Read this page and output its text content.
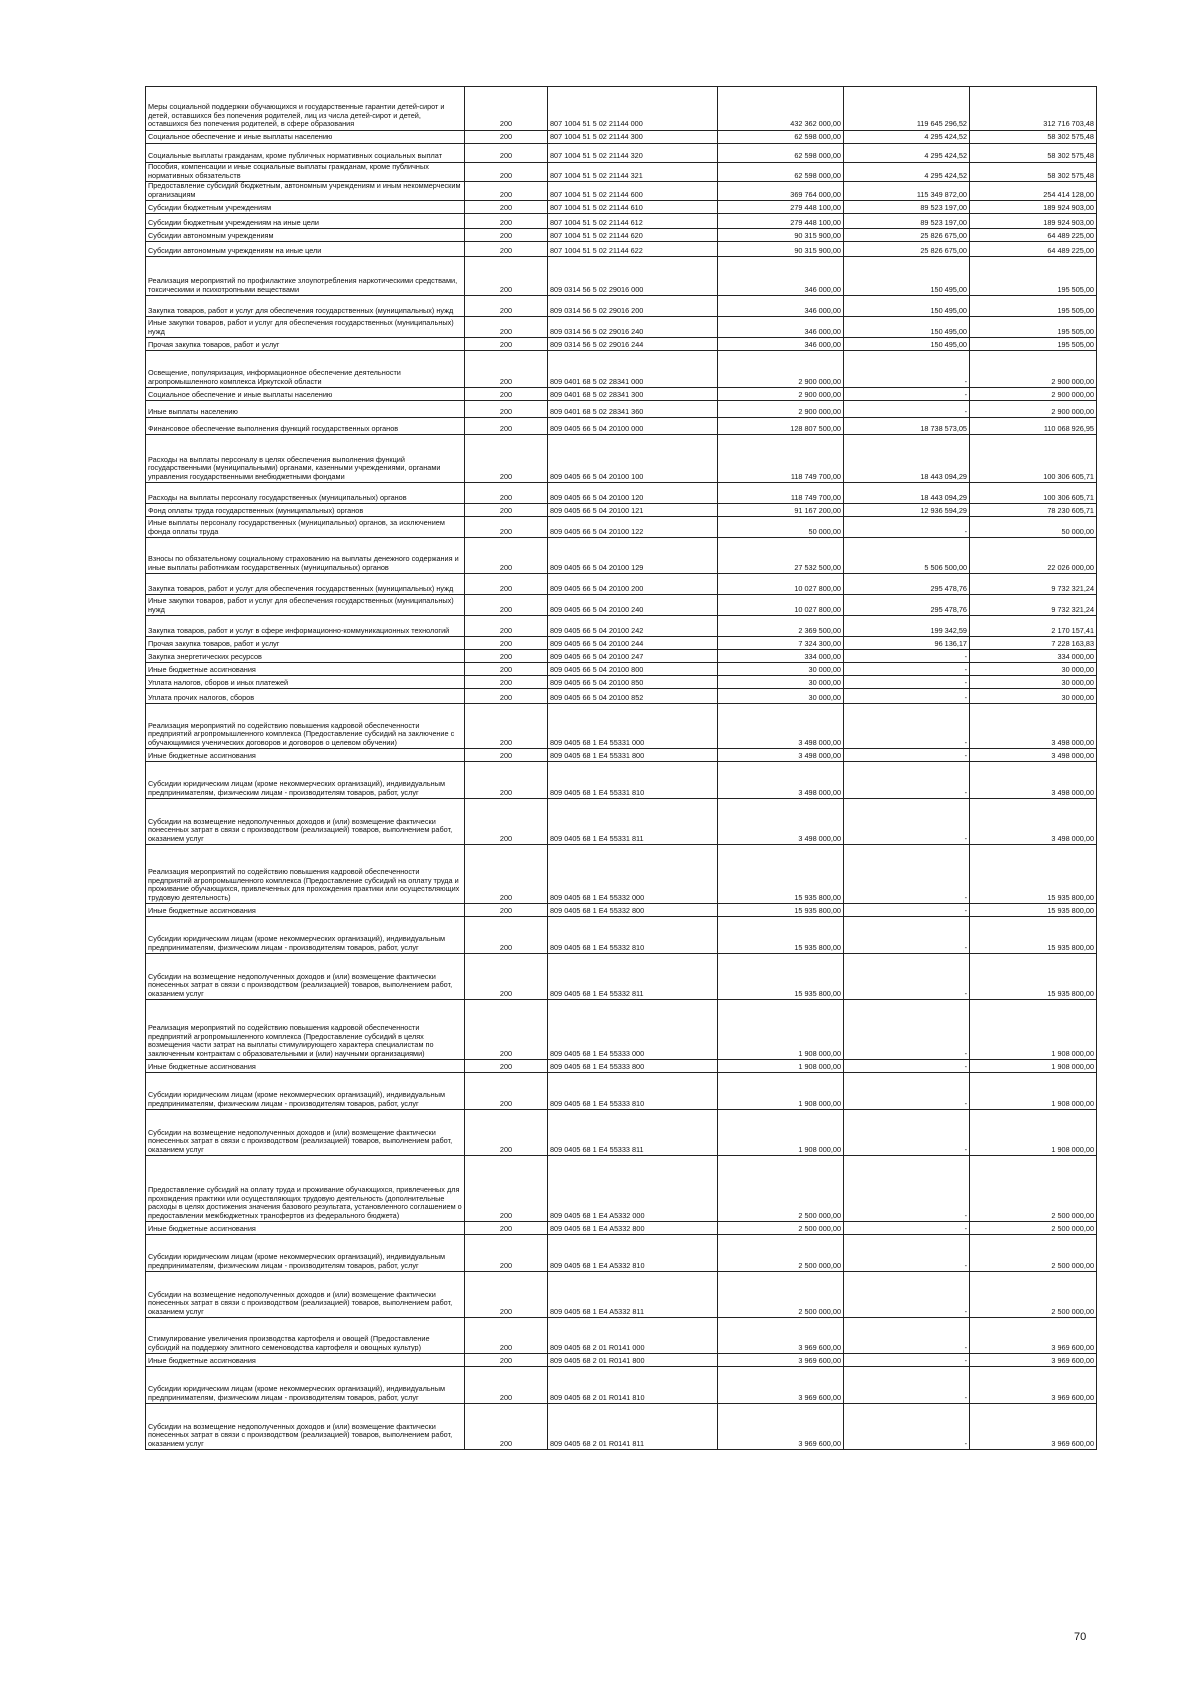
Меры социальной поддержки обучающихся и государственные гарантии детей-сирот и детей, оставшихся без попечения родителей, лиц из числа детей-сирот и детей, оставшихся без попечения родителей, в сфере образования	200	807 1004 51 5 02 21144 000	432 362 000,00	119 645 296,52	312 716 703,48
Социальное обеспечение и иные выплаты населению	200	807 1004 51 5 02 21144 300	62 598 000,00	4 295 424,52	58 302 575,48
Социальные выплаты гражданам, кроме публичных нормативных социальных выплат	200	807 1004 51 5 02 21144 320	62 598 000,00	4 295 424,52	58 302 575,48
Пособия, компенсации и иные социальные выплаты гражданам, кроме публичных нормативных обязательств	200	807 1004 51 5 02 21144 321	62 598 000,00	4 295 424,52	58 302 575,48
Предоставление субсидий бюджетным, автономным учреждениям и иным некоммерческим организациям	200	807 1004 51 5 02 21144 600	369 764 000,00	115 349 872,00	254 414 128,00
Субсидии бюджетным учреждениям	200	807 1004 51 5 02 21144 610	279 448 100,00	89 523 197,00	189 924 903,00
Субсидии бюджетным учреждениям на иные цели	200	807 1004 51 5 02 21144 612	279 448 100,00	89 523 197,00	189 924 903,00
Субсидии автономным учреждениям	200	807 1004 51 5 02 21144 620	90 315 900,00	25 826 675,00	64 489 225,00
Субсидии автономным учреждениям на иные цели	200	807 1004 51 5 02 21144 622	90 315 900,00	25 826 675,00	64 489 225,00
Реализация мероприятий по профилактике злоупотребления наркотическими средствами, токсическими и психотропными веществами	200	809 0314 56 5 02 29016 000	346 000,00	150 495,00	195 505,00
Закупка товаров, работ и услуг для обеспечения государственных (муниципальных) нужд	200	809 0314 56 5 02 29016 200	346 000,00	150 495,00	195 505,00
Иные закупки товаров, работ и услуг для обеспечения государственных (муниципальных) нужд	200	809 0314 56 5 02 29016 240	346 000,00	150 495,00	195 505,00
Прочая закупка товаров, работ и услуг	200	809 0314 56 5 02 29016 244	346 000,00	150 495,00	195 505,00
Освещение, популяризация, информационное обеспечение деятельности агропромышленного комплекса Иркутской области	200	809 0401 68 5 02 28341 000	2 900 000,00	-	2 900 000,00
Социальное обеспечение и иные выплаты населению	200	809 0401 68 5 02 28341 300	2 900 000,00	-	2 900 000,00
Иные выплаты населению	200	809 0401 68 5 02 28341 360	2 900 000,00	-	2 900 000,00
Финансовое обеспечение выполнения функций государственных органов	200	809 0405 66 5 04 20100 000	128 807 500,00	18 738 573,05	110 068 926,95
Расходы на выплаты персоналу в целях обеспечения выполнения функций государственными (муниципальными) органами, казенными учреждениями, органами управления государственными внебюджетными фондами	200	809 0405 66 5 04 20100 100	118 749 700,00	18 443 094,29	100 306 605,71
Расходы на выплаты персоналу государственных (муниципальных) органов	200	809 0405 66 5 04 20100 120	118 749 700,00	18 443 094,29	100 306 605,71
Фонд оплаты труда государственных (муниципальных) органов	200	809 0405 66 5 04 20100 121	91 167 200,00	12 936 594,29	78 230 605,71
Иные выплаты персоналу государственных (муниципальных) органов, за исключением фонда оплаты труда	200	809 0405 66 5 04 20100 122	50 000,00	-	50 000,00
Взносы по обязательному социальному страхованию на выплаты денежного содержания и иные выплаты работникам государственных (муниципальных) органов	200	809 0405 66 5 04 20100 129	27 532 500,00	5 506 500,00	22 026 000,00
Закупка товаров, работ и услуг для обеспечения государственных (муниципальных) нужд	200	809 0405 66 5 04 20100 200	10 027 800,00	295 478,76	9 732 321,24
Иные закупки товаров, работ и услуг для обеспечения государственных (муниципальных) нужд	200	809 0405 66 5 04 20100 240	10 027 800,00	295 478,76	9 732 321,24
Закупка товаров, работ и услуг в сфере информационно-коммуникационных технологий	200	809 0405 66 5 04 20100 242	2 369 500,00	199 342,59	2 170 157,41
Прочая закупка товаров, работ и услуг	200	809 0405 66 5 04 20100 244	7 324 300,00	96 136,17	7 228 163,83
Закупка энергетических ресурсов	200	809 0405 66 5 04 20100 247	334 000,00	-	334 000,00
Иные бюджетные ассигнования	200	809 0405 66 5 04 20100 800	30 000,00	-	30 000,00
Уплата налогов, сборов и иных платежей	200	809 0405 66 5 04 20100 850	30 000,00	-	30 000,00
Уплата прочих налогов, сборов	200	809 0405 66 5 04 20100 852	30 000,00	-	30 000,00
Реализация мероприятий по содействию повышения кадровой обеспеченности предприятий агропромышленного комплекса (Предоставление субсидий на заключение с обучающимися ученических договоров и договоров о целевом обучении)	200	809 0405 68 1 E4 55331 000	3 498 000,00	-	3 498 000,00
Иные бюджетные ассигнования	200	809 0405 68 1 E4 55331 800	3 498 000,00	-	3 498 000,00
Субсидии юридическим лицам (кроме некоммерческих организаций), индивидуальным предпринимателям, физическим лицам - производителям товаров, работ, услуг	200	809 0405 68 1 E4 55331 810	3 498 000,00	-	3 498 000,00
Субсидии на возмещение недополученных доходов и (или) возмещение фактически понесенных затрат в связи с производством (реализацией) товаров, выполнением работ, оказанием услуг	200	809 0405 68 1 E4 55331 811	3 498 000,00	-	3 498 000,00
Реализация мероприятий по содействию повышения кадровой обеспеченности предприятий агропромышленного комплекса (Предоставление субсидий на оплату труда и проживание обучающихся, привлеченных для прохождения практики или осуществляющих трудовую деятельность)	200	809 0405 68 1 E4 55332 000	15 935 800,00	-	15 935 800,00
Иные бюджетные ассигнования	200	809 0405 68 1 E4 55332 800	15 935 800,00	-	15 935 800,00
Субсидии юридическим лицам (кроме некоммерческих организаций), индивидуальным предпринимателям, физическим лицам - производителям товаров, работ, услуг	200	809 0405 68 1 E4 55332 810	15 935 800,00	-	15 935 800,00
Субсидии на возмещение недополученных доходов и (или) возмещение фактически понесенных затрат в связи с производством (реализацией) товаров, выполнением работ, оказанием услуг	200	809 0405 68 1 E4 55332 811	15 935 800,00	-	15 935 800,00
Реализация мероприятий по содействию повышения кадровой обеспеченности предприятий агропромышленного комплекса (Предоставление субсидий в целях возмещения части затрат на выплаты стимулирующего характера специалистам по заключенным контрактам с образовательными и (или) научными организациями)	200	809 0405 68 1 E4 55333 000	1 908 000,00	-	1 908 000,00
Иные бюджетные ассигнования	200	809 0405 68 1 E4 55333 800	1 908 000,00	-	1 908 000,00
Субсидии юридическим лицам (кроме некоммерческих организаций), индивидуальным предпринимателям, физическим лицам - производителям товаров, работ, услуг	200	809 0405 68 1 E4 55333 810	1 908 000,00	-	1 908 000,00
Субсидии на возмещение недополученных доходов и (или) возмещение фактически понесенных затрат в связи с производством (реализацией) товаров, выполнением работ, оказанием услуг	200	809 0405 68 1 E4 55333 811	1 908 000,00	-	1 908 000,00
Предоставление субсидий на оплату труда и проживание обучающихся, привлеченных для прохождения практики или осуществляющих трудовую деятельность (дополнительные расходы в целях достижения значения базового результата, установленного соглашением о предоставлении межбюджетных трансфертов из федерального бюджета)	200	809 0405 68 1 E4 A5332 000	2 500 000,00	-	2 500 000,00
Иные бюджетные ассигнования	200	809 0405 68 1 E4 A5332 800	2 500 000,00	-	2 500 000,00
Субсидии юридическим лицам (кроме некоммерческих организаций), индивидуальным предпринимателям, физическим лицам - производителям товаров, работ, услуг	200	809 0405 68 1 E4 A5332 810	2 500 000,00	-	2 500 000,00
Субсидии на возмещение недополученных доходов и (или) возмещение фактически понесенных затрат в связи с производством (реализацией) товаров, выполнением работ, оказанием услуг	200	809 0405 68 1 E4 A5332 811	2 500 000,00	-	2 500 000,00
Стимулирование увеличения производства картофеля и овощей (Предоставление субсидий на поддержку элитного семеноводства картофеля и овощных культур)	200	809 0405 68 2 01 R0141 000	3 969 600,00	-	3 969 600,00
Иные бюджетные ассигнования	200	809 0405 68 2 01 R0141 800	3 969 600,00	-	3 969 600,00
Субсидии юридическим лицам (кроме некоммерческих организаций), индивидуальным предпринимателям, физическим лицам - производителям товаров, работ, услуг	200	809 0405 68 2 01 R0141 810	3 969 600,00	-	3 969 600,00
Субсидии на возмещение недополученных доходов и (или) возмещение фактически понесенных затрат в связи с производством (реализацией) товаров, выполнением работ, оказанием услуг	200	809 0405 68 2 01 R0141 811	3 969 600,00	-	3 969 600,00
70
